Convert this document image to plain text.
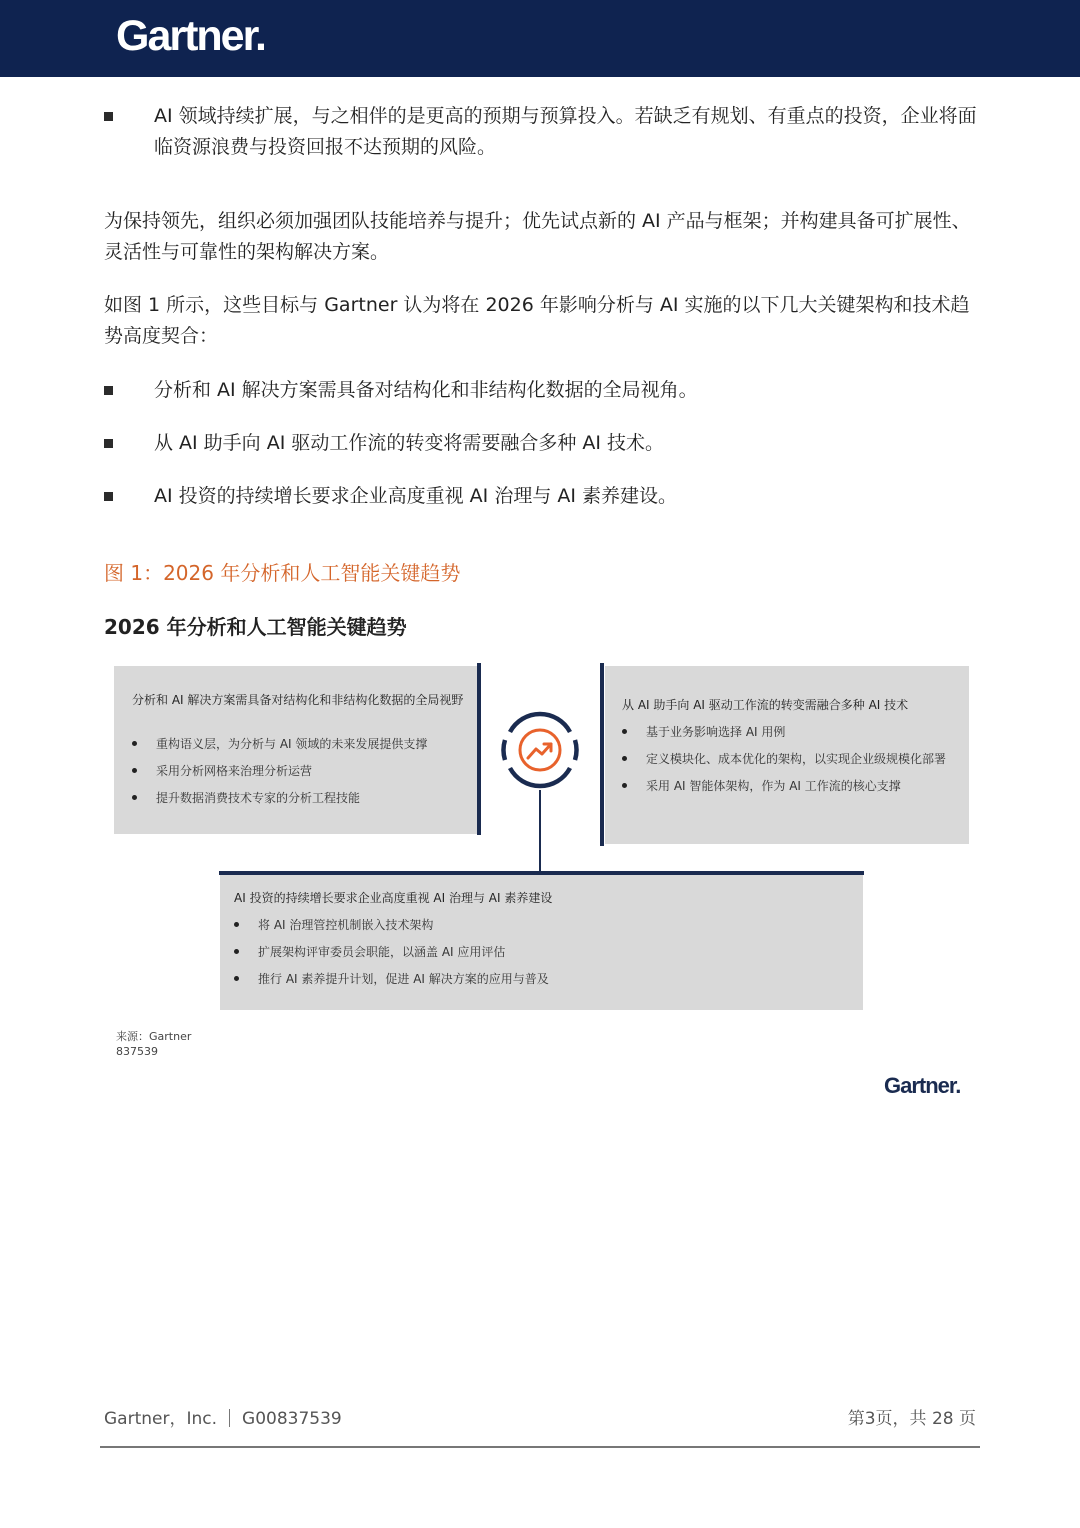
Gartner.
AI 领域持续扩展，与之相伴的是更高的预期与预算投入。若缺乏有规划、有重点的投资，企业将面临资源浪费与投资回报不达预期的风险。
为保持领先，组织必须加强团队技能培养与提升；优先试点新的 AI 产品与框架；并构建具备可扩展性、灵活性与可靠性的架构解决方案。
如图 1 所示，这些目标与 Gartner 认为将在 2026 年影响分析与 AI 实施的以下几大关键架构和技术趋势高度契合：
分析和 AI 解决方案需具备对结构化和非结构化数据的全局视角。
从 AI 助手向 AI 驱动工作流的转变将需要融合多种 AI 技术。
AI 投资的持续增长要求企业高度重视 AI 治理与 AI 素养建设。
图 1：2026 年分析和人工智能关键趋势
2026 年分析和人工智能关键趋势
分析和 AI 解决方案需具备对结构化和非结构化数据的全局视野
重构语义层，为分析与 AI 领域的未来发展提供支撑
采用分析网格来治理分析运营
提升数据消费技术专家的分析工程技能
从 AI 助手向 AI 驱动工作流的转变需融合多种 AI 技术
基于业务影响选择 AI 用例
定义模块化、成本优化的架构，以实现企业级规模化部署
采用 AI 智能体架构，作为 AI 工作流的核心支撑
AI 投资的持续增长要求企业高度重视 AI 治理与 AI 素养建设
将 AI 治理管控机制嵌入技术架构
扩展架构评审委员会职能，以涵盖 AI 应用评估
推行 AI 素养提升计划，促进 AI 解决方案的应用与普及
来源：Gartner
837539
Gartner.
Gartner，Inc. G00837539	第3页，共 28 页
